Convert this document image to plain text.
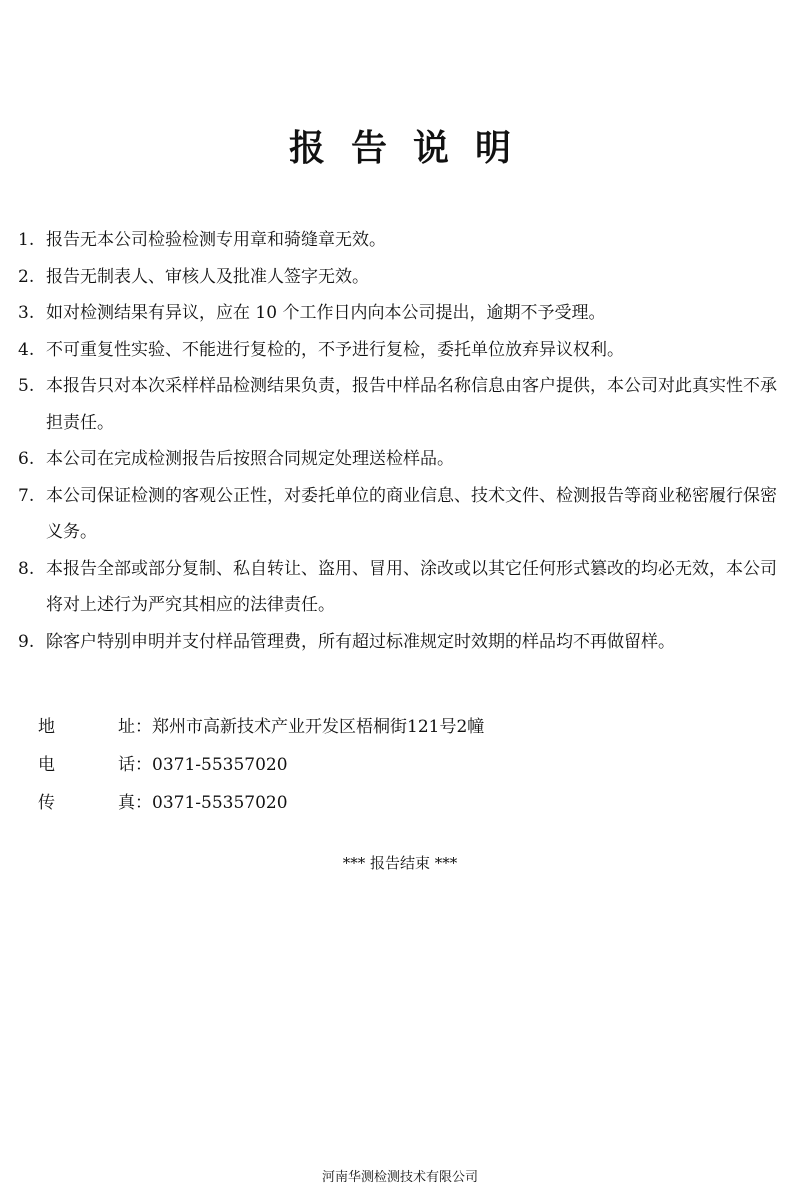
报告说明
1. 报告无本公司检验检测专用章和骑缝章无效。
2. 报告无制表人、审核人及批准人签字无效。
3. 如对检测结果有异议，应在 10 个工作日内向本公司提出，逾期不予受理。
4. 不可重复性实验、不能进行复检的，不予进行复检，委托单位放弃异议权利。
5. 本报告只对本次采样样品检测结果负责，报告中样品名称信息由客户提供，本公司对此真实性不承担责任。
6. 本公司在完成检测报告后按照合同规定处理送检样品。
7. 本公司保证检测的客观公正性，对委托单位的商业信息、技术文件、检测报告等商业秘密履行保密义务。
8. 本报告全部或部分复制、私自转让、盗用、冒用、涂改或以其它任何形式篡改的均必无效，本公司将对上述行为严究其相应的法律责任。
9. 除客户特别申明并支付样品管理费，所有超过标准规定时效期的样品均不再做留样。
地	址： 郑州市高新技术产业开发区梧桐街121号2幢
电	话： 0371-55357020
传	真： 0371-55357020
*** 报告结束 ***
河南华测检测技术有限公司
